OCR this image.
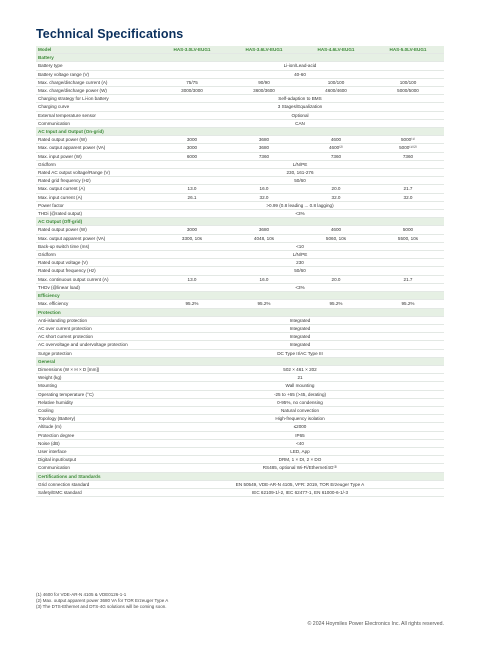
Technical Specifications
Model	HAS-3.0LV-EUG1	HAS-3.6LV-EUG1	HAS-4.6LV-EUG1	HAS-5.0LV-EUG1
Battery				
Battery type	Li-ion/Lead-acid			
Battery voltage range (V)	40-60			
Max. charge/discharge current (A)	75/75	90/90	100/100	100/100
Max. charge/discharge power (W)	3000/3000	3600/3600	4600/4600	5000/5000
Charging strategy for Li-ion battery	Self-adaption to BMS			
Charging curve	3 Stages/Equalization			
External temperature sensor	Optional			
Communication	CAN			
AC Input and Output (On-grid)				
Rated output power (W)	3000	3680	4600	5000⁽¹⁾
Max. output apparent power (VA)	3000	3680	4600⁽²⁾	5000⁽¹⁾⁽²⁾
Max. input power (W)	6000	7360	7360	7360
Gridform	L/N/PE			
Rated AC output voltage/Range (V)	230, 161-276			
Rated grid frequency (Hz)	50/60			
Max. output current (A)	13.0	16.0	20.0	21.7
Max. input current (A)	26.1	32.0	32.0	32.0
Power factor	>0.99 (0.8 leading ... 0.8 lagging)			
THDi (@rated output)	<3%			
AC Output (Off-grid)				
Rated output power (W)	3000	3680	4600	5000
Max. output apparent power (VA)	3300, 10s	4048, 10s	5060, 10s	5500, 10s
Back-up switch time (ms)	<10			
Gridform	L/N/PE			
Rated output voltage (V)	230			
Rated output frequency (Hz)	50/60			
Max. continuous output current (A)	13.0	16.0	20.0	21.7
THDv (@linear load)	<3%			
Efficiency				
Max. efficiency	95.2%	95.2%	95.2%	95.2%
Protection				
Anti-islanding protection	Integrated			
AC over current protection	Integrated			
AC short current protection	Integrated			
AC overvoltage and undervoltage protection	Integrated			
Surge protection	DC Type II/AC Type III			
General				
Dimensions (W × H × D [mm])	502 × 461 × 202			
Weight (kg)	21			
Mounting	Wall mounting			
Operating temperature (°C)	-25 to +65 (>45, derating)			
Relative humidity	0-95%, no condensing			
Cooling	Natural convection			
Topology (Battery)	High-frequency isolation			
Altitude (m)	≤2000			
Protection degree	IP65			
Noise (dB)	<40			
User interface	LED, App			
Digital input/output	DRM, 1 × DI, 2 × DO			
Communication	RS485, optional Wi-Fi/Ethernet/4G⁽³⁾			
Certifications and Standards				
Grid connection standard	EN 50549, VDE-AR-N 4105, VFR: 2019, TOR Erzeuger Type A			
Safety/EMC standard	IEC 62109-1/-2, IEC 62477-1, EN 61000-6-1/-3			
(1) 4600 for VDE-AR-N 4105 & VDE0126-1-1
(2) Max. output apparent power 3680 VA for TOR Erzeuger Type A
(3) The DTS-Ethernet and DTS-4G solutions will be coming soon.
© 2024 Hoymiles Power Electronics Inc. All rights reserved.
